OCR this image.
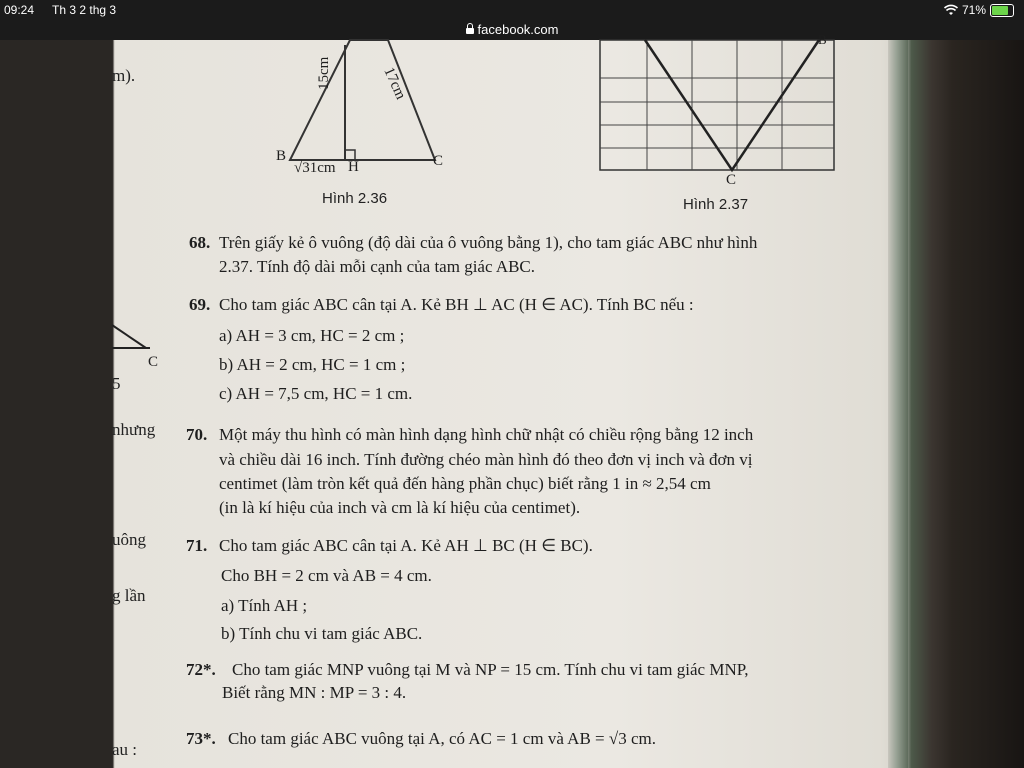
09:24 Th 3 2 thg 3	71%
facebook.com
B
H	C
√31cm
15cm	17cm
Hình 2.36
B
C
Hình 2.37
m).
C
5
nhưng
uông
g lần
au :
68. Trên giấy kẻ ô vuông (độ dài của ô vuông bằng 1), cho tam giác ABC như hình
2.37. Tính độ dài mỗi cạnh của tam giác ABC.
69. Cho tam giác ABC cân tại A. Kẻ BH ⊥ AC (H ∈ AC). Tính BC nếu :
a) AH = 3 cm, HC = 2 cm ;
b) AH = 2 cm, HC = 1 cm ;
c) AH = 7,5 cm, HC = 1 cm.
70. Một máy thu hình có màn hình dạng hình chữ nhật có chiều rộng bằng 12 inch
và chiều dài 16 inch. Tính đường chéo màn hình đó theo đơn vị inch và đơn vị
centimet (làm tròn kết quả đến hàng phần chục) biết rằng 1 in ≈ 2,54 cm
(in là kí hiệu của inch và cm là kí hiệu của centimet).
71. Cho tam giác ABC cân tại A. Kẻ AH ⊥ BC (H ∈ BC).
Cho BH = 2 cm và AB = 4 cm.
a) Tính AH ;
b) Tính chu vi tam giác ABC.
72*. Cho tam giác MNP vuông tại M và NP = 15 cm. Tính chu vi tam giác MNP,
Biết rằng MN : MP = 3 : 4.
73*. Cho tam giác ABC vuông tại A, có AC = 1 cm và AB = √3 cm.
